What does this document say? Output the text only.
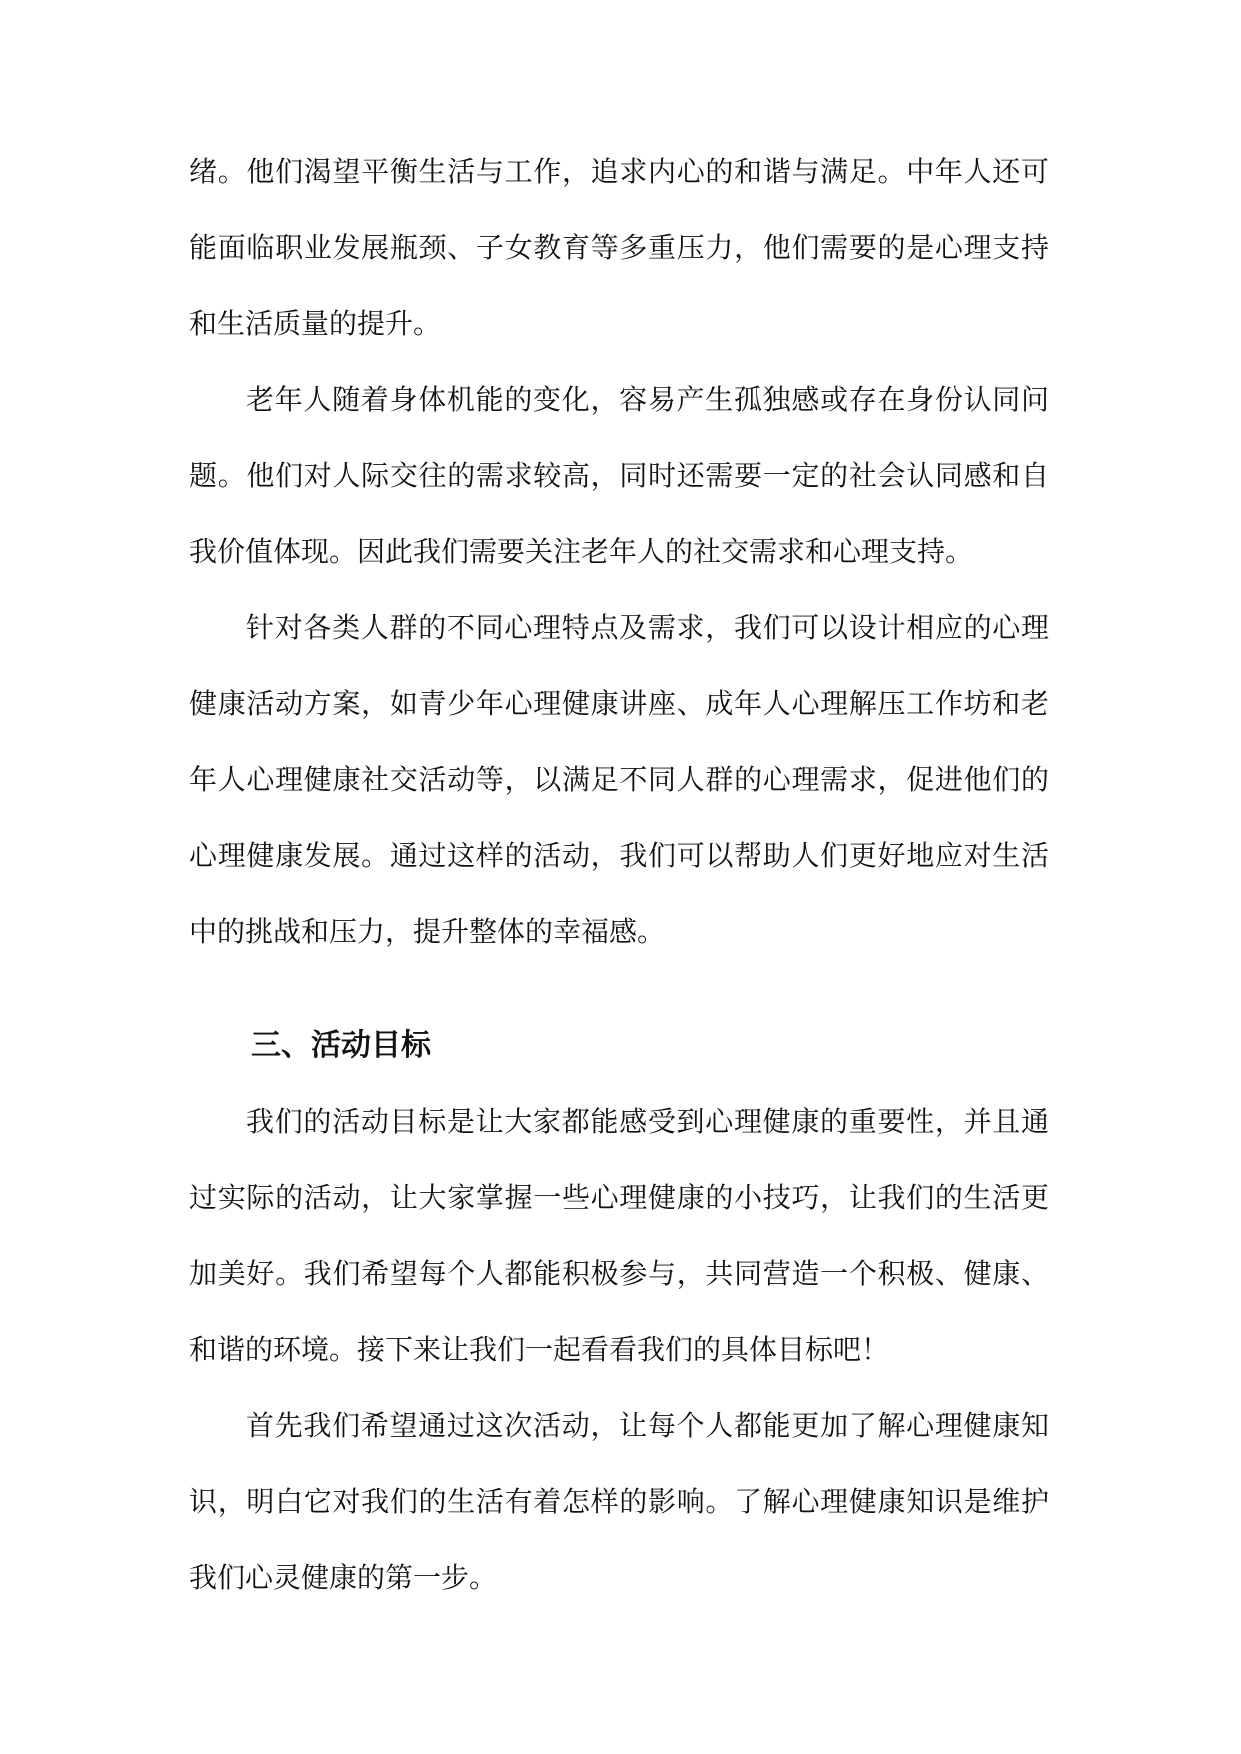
绪。他们渴望平衡生活与工作，追求内心的和谐与满足。中年人还可
能面临职业发展瓶颈、子女教育等多重压力，他们需要的是心理支持
和生活质量的提升。
老年人随着身体机能的变化，容易产生孤独感或存在身份认同问
题。他们对人际交往的需求较高，同时还需要一定的社会认同感和自
我价值体现。因此我们需要关注老年人的社交需求和心理支持。
针对各类人群的不同心理特点及需求，我们可以设计相应的心理
健康活动方案，如青少年心理健康讲座、成年人心理解压工作坊和老
年人心理健康社交活动等，以满足不同人群的心理需求，促进他们的
心理健康发展。通过这样的活动，我们可以帮助人们更好地应对生活
中的挑战和压力，提升整体的幸福感。
三、活动目标
我们的活动目标是让大家都能感受到心理健康的重要性，并且通
过实际的活动，让大家掌握一些心理健康的小技巧，让我们的生活更
加美好。我们希望每个人都能积极参与，共同营造一个积极、健康、
和谐的环境。接下来让我们一起看看我们的具体目标吧！
首先我们希望通过这次活动，让每个人都能更加了解心理健康知
识，明白它对我们的生活有着怎样的影响。了解心理健康知识是维护
我们心灵健康的第一步。
